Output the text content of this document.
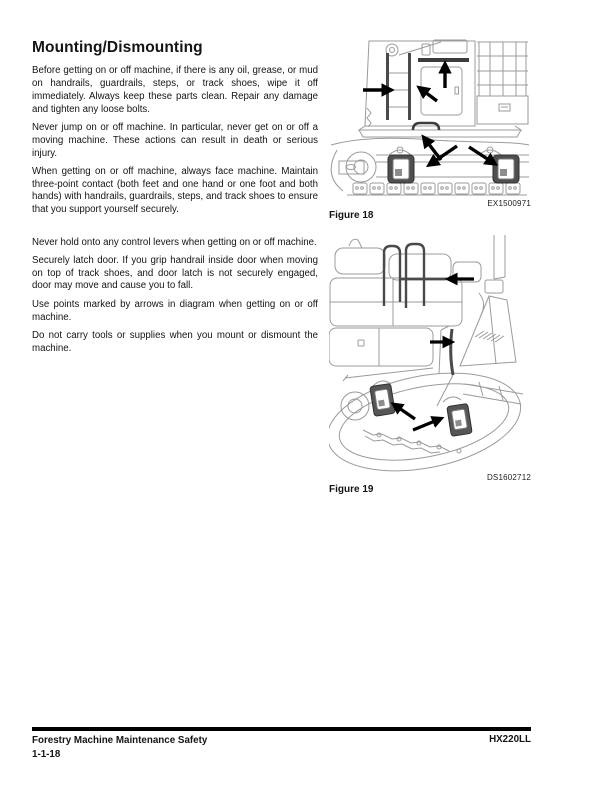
Mounting/Dismounting

Before getting on or off machine, if there is any oil, grease, or mud on handrails, guardrails, steps, or track shoes, wipe it off immediately. Always keep these parts clean. Repair any damage and tighten any loose bolts.

Never jump on or off machine. In particular, never get on or off a moving machine. These actions can result in death or serious injury.

When getting on or off machine, always face machine. Maintain three-point contact (both feet and one hand or one foot and both hands) with handrails, guardrails, steps, and track shoes to ensure that you support yourself securely.

Never hold onto any control levers when getting on or off machine.

Securely latch door. If you grip handrail inside door when moving on top of track shoes, and door latch is not securely engaged, door may move and cause you to fall.

Use points marked by arrows in diagram when getting on or off machine.

Do not carry tools or supplies when you mount or dismount the machine.

EX1500971
Figure 18
DS1602712
Figure 19
Forestry Machine Maintenance Safety
1-1-18
HX220LL
